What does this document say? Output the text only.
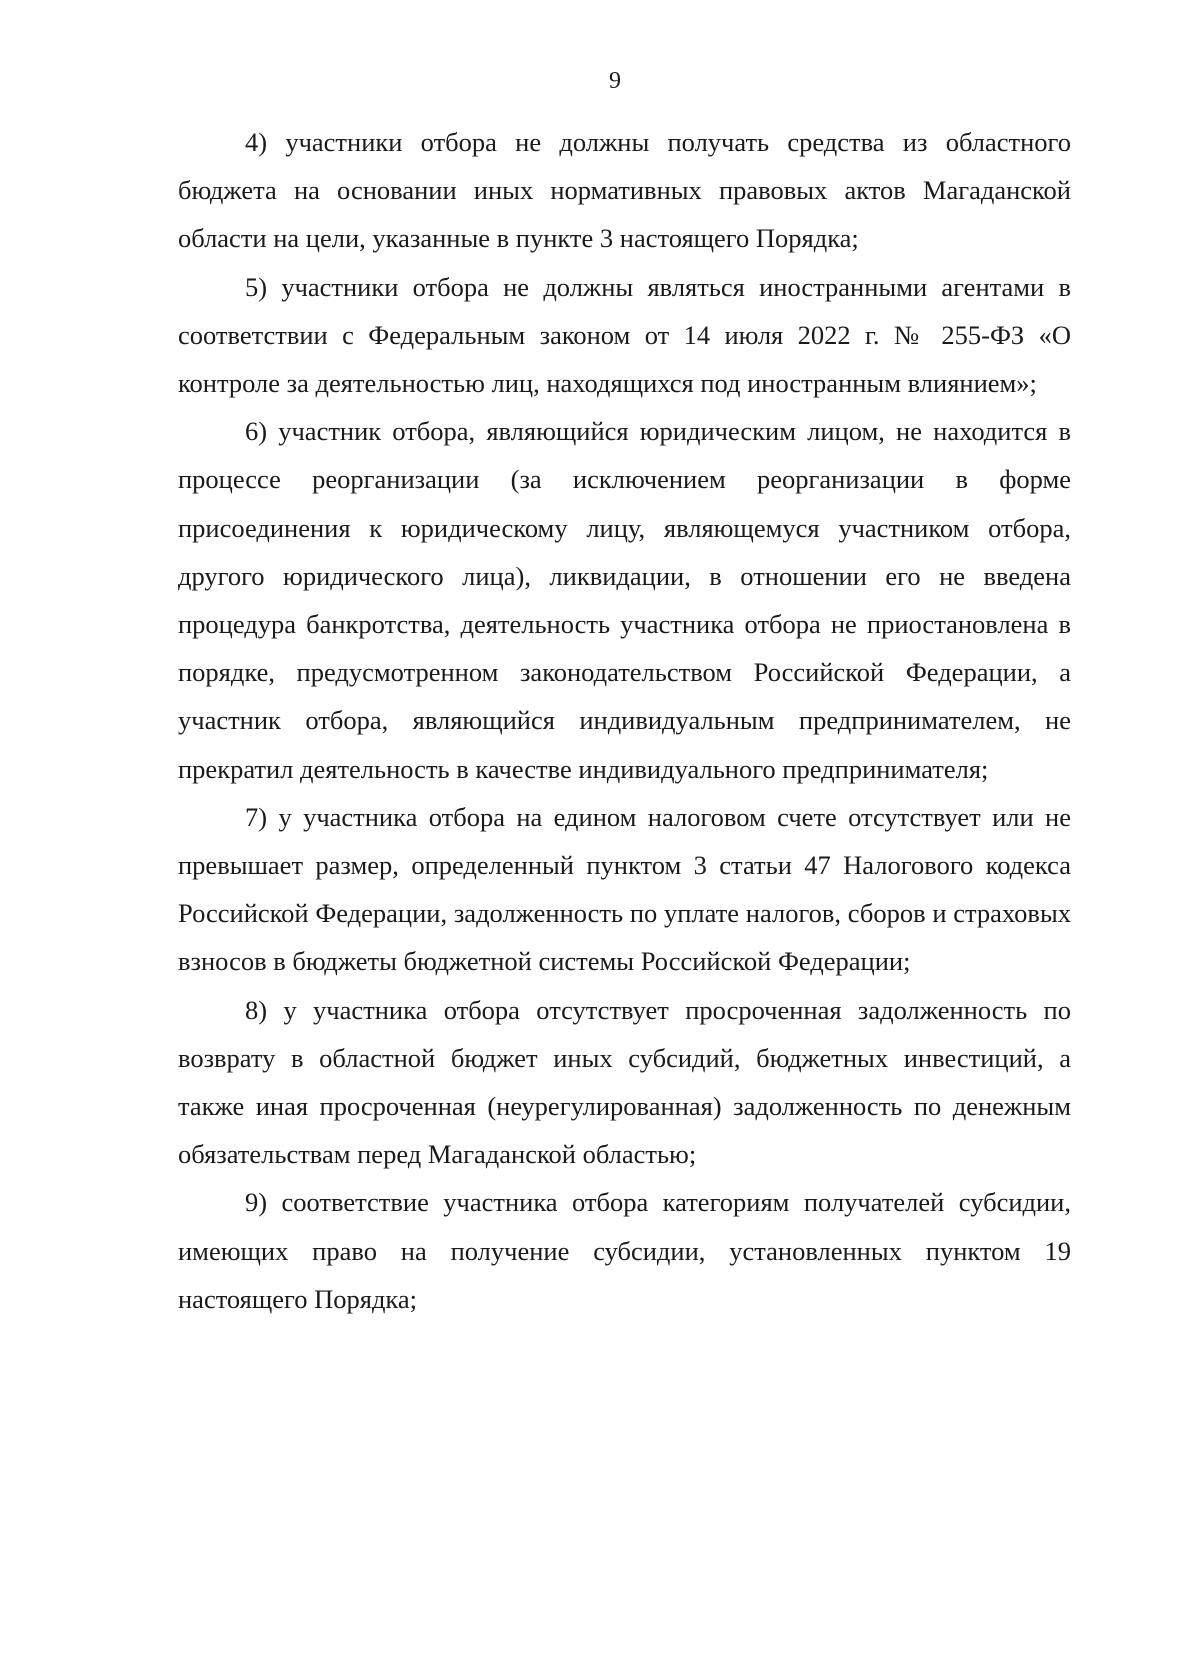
9

4) участники отбора не должны получать средства из областного бюджета на основании иных нормативных правовых актов Магаданской области на цели, указанные в пункте 3 настоящего Порядка;

5) участники отбора не должны являться иностранными агентами в соответствии с Федеральным законом от 14 июля 2022 г. № 255-ФЗ «О контроле за деятельностью лиц, находящихся под иностранным влиянием»;

6) участник отбора, являющийся юридическим лицом, не находится в процессе реорганизации (за исключением реорганизации в форме присоединения к юридическому лицу, являющемуся участником отбора, другого юридического лица), ликвидации, в отношении его не введена процедура банкротства, деятельность участника отбора не приостановлена в порядке, предусмотренном законодательством Российской Федерации, а участник отбора, являющийся индивидуальным предпринимателем, не прекратил деятельность в качестве индивидуального предпринимателя;

7) у участника отбора на едином налоговом счете отсутствует или не превышает размер, определенный пунктом 3 статьи 47 Налогового кодекса Российской Федерации, задолженность по уплате налогов, сборов и страховых взносов в бюджеты бюджетной системы Российской Федерации;

8) у участника отбора отсутствует просроченная задолженность по возврату в областной бюджет иных субсидий, бюджетных инвестиций, а также иная просроченная (неурегулированная) задолженность по денежным обязательствам перед Магаданской областью;

9) соответствие участника отбора категориям получателей субсидии, имеющих право на получение субсидии, установленных пунктом 19 настоящего Порядка;
